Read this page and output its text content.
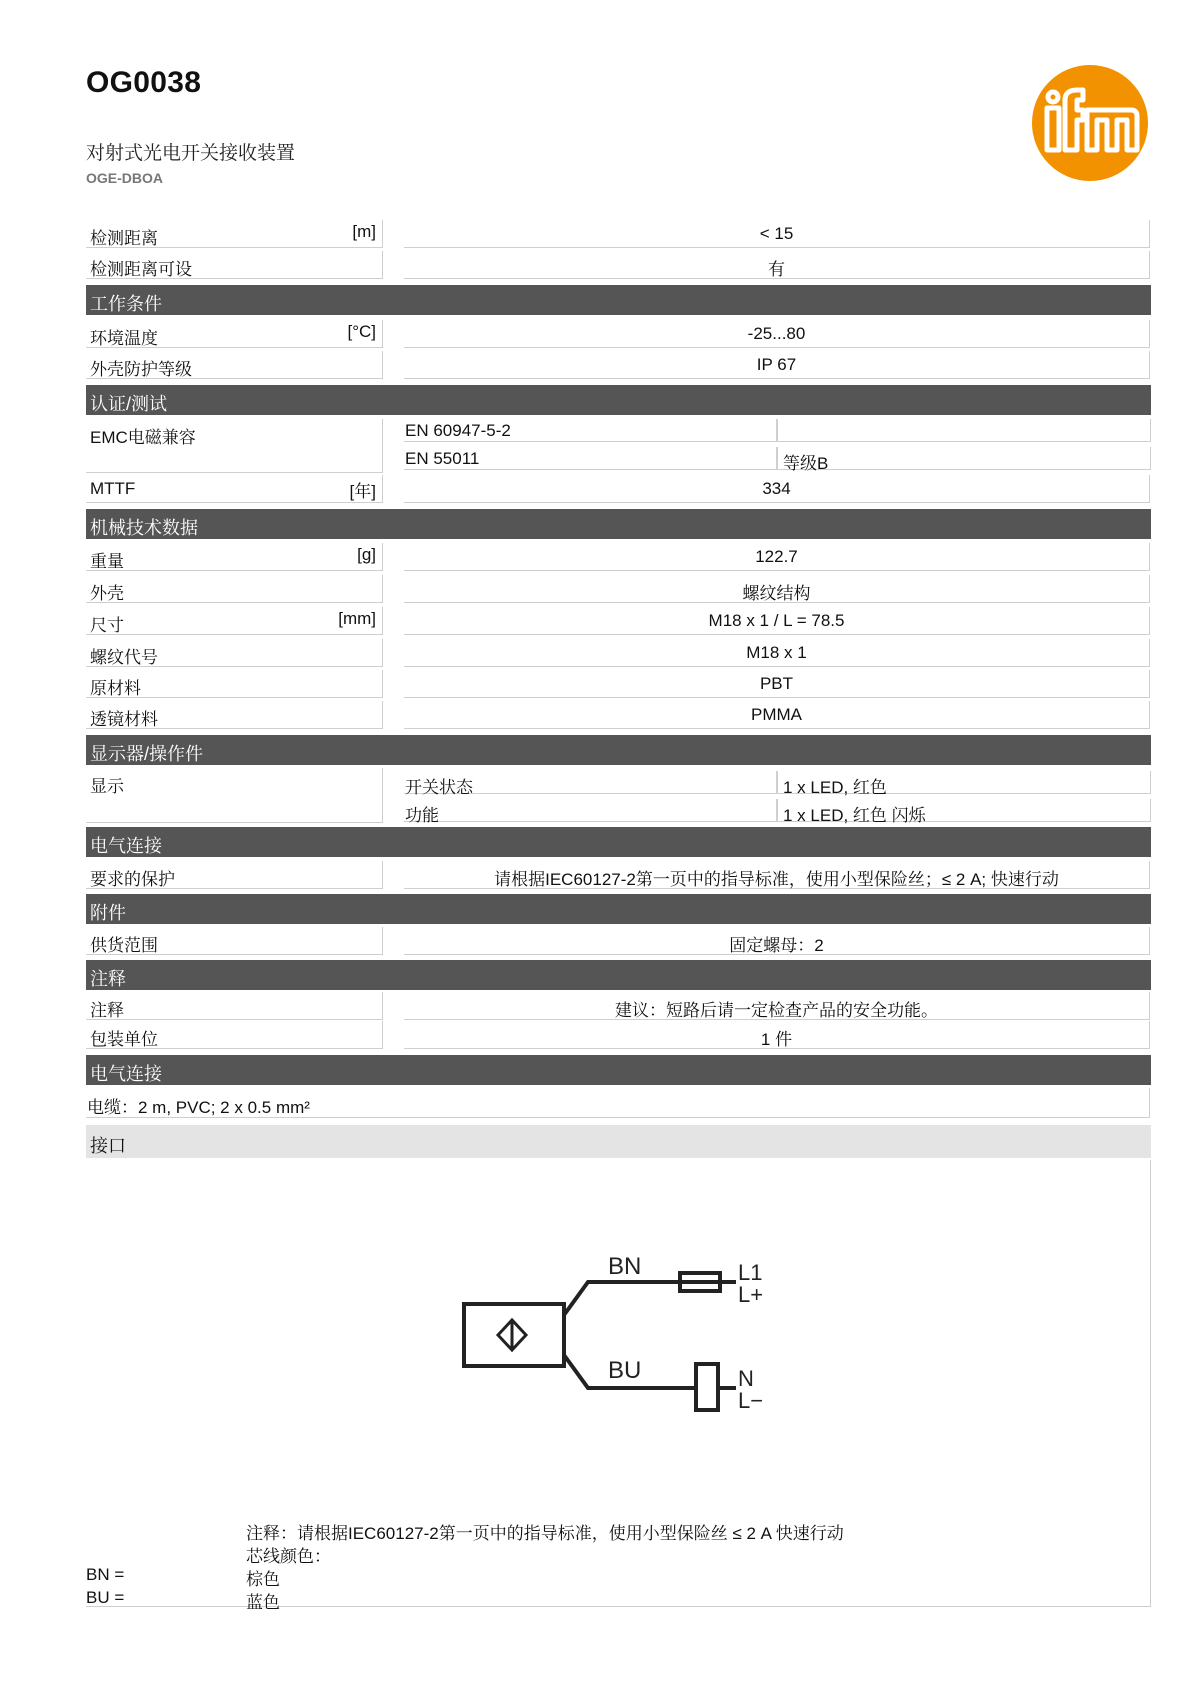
OG0038
对射式光电开关接收装置
OGE-DBOA
检测距离	[m]	< 15
检测距离可设	有
工作条件
环境温度	[°C]	-25...80
外壳防护等级	IP 67
认证/测试
EMC电磁兼容	EN 60947-5-2
EN 55011	等级B
MTTF	[年]	334
机械技术数据
重量	[g]	122.7
外壳	螺纹结构
尺寸	[mm]	M18 x 1 / L = 78.5
螺纹代号	M18 x 1
原材料	PBT
透镜材料	PMMA
显示器/操作件
显示	开关状态	1 x LED, 红色
功能	1 x LED, 红色 闪烁
电气连接
要求的保护	请根据IEC60127-2第一页中的指导标准，使用小型保险丝；≤ 2 A; 快速行动
附件
供货范围	固定螺母：2
注释
注释	建议：短路后请一定检查产品的安全功能。
包装单位	1 件
电气连接
电缆：2 m, PVC; 2 x 0.5 mm²
接口
BN
BU
L1
L+
N
L−
注释：请根据IEC60127-2第一页中的指导标准，使用小型保险丝 ≤ 2 A 快速行动
芯线颜色：
BN =	棕色
BU =	蓝色
